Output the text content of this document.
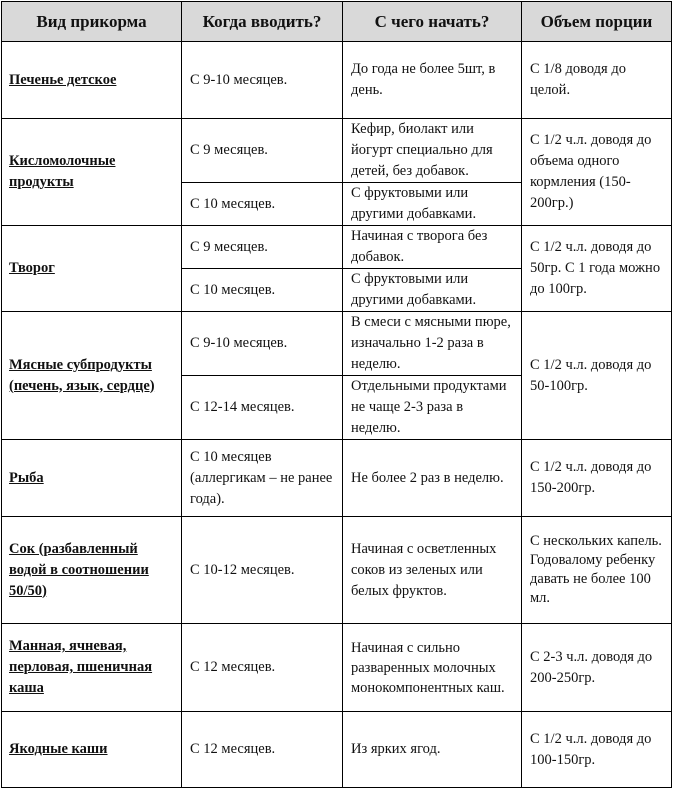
Вид прикорма	Когда вводить?	С чего начать?	Объем порции
Печенье детское	С 9-10 месяцев.	До года не более 5шт, в день.	С 1/8 доводя до целой.
Кисломолочные продукты	С 9 месяцев.	Кефир, биолакт или йогурт специально для детей, без добавок.	С 1/2 ч.л. доводя до объема одного кормления (150-200гр.)
	С 10 месяцев.	С фруктовыми или другими добавками.	
Творог	С 9 месяцев.	Начиная с творога без добавок.	С 1/2 ч.л. доводя до 50гр. С 1 года можно до 100гр.
	С 10 месяцев.	С фруктовыми или другими добавками.	
Мясные субпродукты (печень, язык, сердце)	С 9-10 месяцев.	В смеси с мясными пюре, изначально 1-2 раза в неделю.	С 1/2 ч.л. доводя до 50-100гр.
	С 12-14 месяцев.	Отдельными продуктами не чаще 2-3 раза в неделю.	
Рыба	С 10 месяцев (аллергикам – не ранее года).	Не более 2 раз в неделю.	С 1/2 ч.л. доводя до 150-200гр.
Сок (разбавленный водой в соотношении 50/50)	С 10-12 месяцев.	Начиная с осветленных соков из зеленых или белых фруктов.	С нескольких капель. Годовалому ребенку давать не более 100 мл.
Манная, ячневая, перловая, пшеничная каша	С 12 месяцев.	Начиная с сильно разваренных молочных монокомпонентных каш.	С 2-3 ч.л. доводя до 200-250гр.
Якодные каши	С 12 месяцев.	Из ярких ягод.	С 1/2 ч.л. доводя до 100-150гр.
